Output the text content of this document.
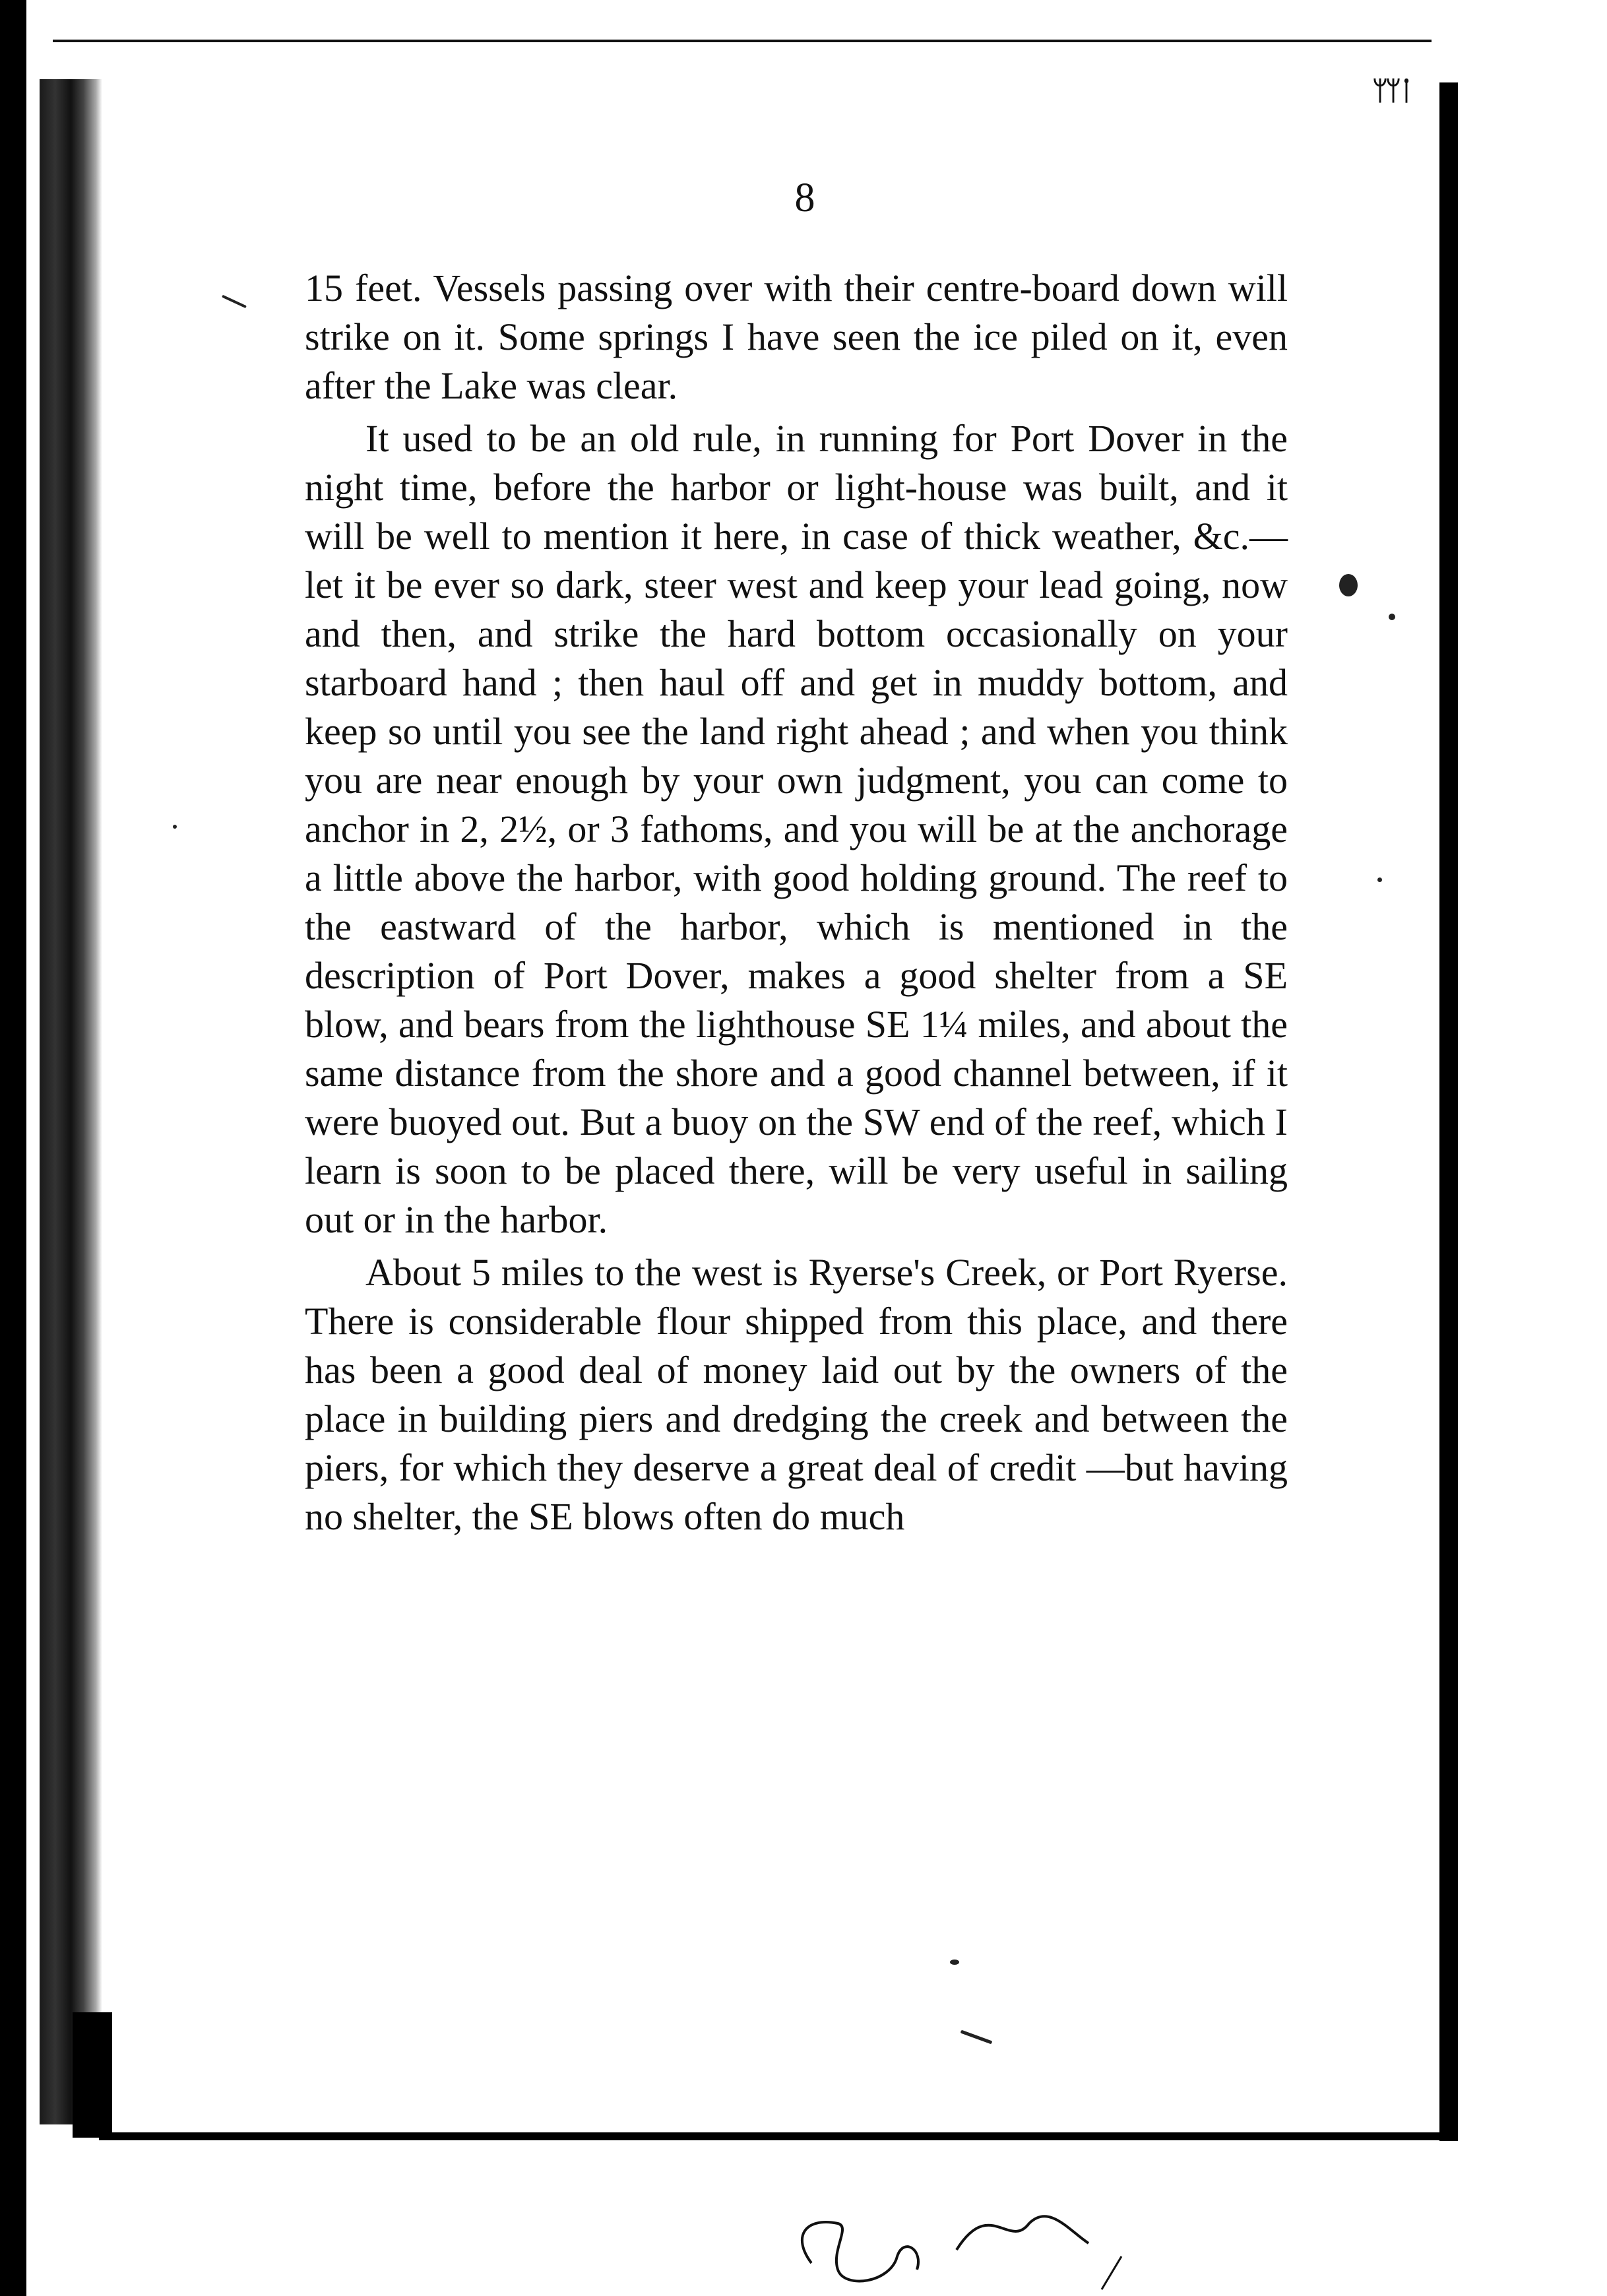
ᛘᛘᛙ
8

15 feet. Vessels passing over with their centre-board down will strike on it. Some springs I have seen the ice piled on it, even after the Lake was clear.

It used to be an old rule, in running for Port Dover in the night time, before the harbor or light-house was built, and it will be well to mention it here, in case of thick weather, &c.—let it be ever so dark, steer west and keep your lead going, now and then, and strike the hard bottom occasionally on your starboard hand ; then haul off and get in muddy bottom, and keep so until you see the land right ahead ; and when you think you are near enough by your own judgment, you can come to anchor in 2, 2½, or 3 fathoms, and you will be at the anchorage a little above the harbor, with good holding ground. The reef to the eastward of the harbor, which is mentioned in the description of Port Dover, makes a good shelter from a SE blow, and bears from the lighthouse SE 1¼ miles, and about the same distance from the shore and a good channel between, if it were buoyed out. But a buoy on the SW end of the reef, which I learn is soon to be placed there, will be very useful in sailing out or in the harbor.

About 5 miles to the west is Ryerse's Creek, or Port Ryerse. There is considerable flour shipped from this place, and there has been a good deal of money laid out by the owners of the place in building piers and dredging the creek and between the piers, for which they deserve a great deal of credit —but having no shelter, the SE blows often do much
